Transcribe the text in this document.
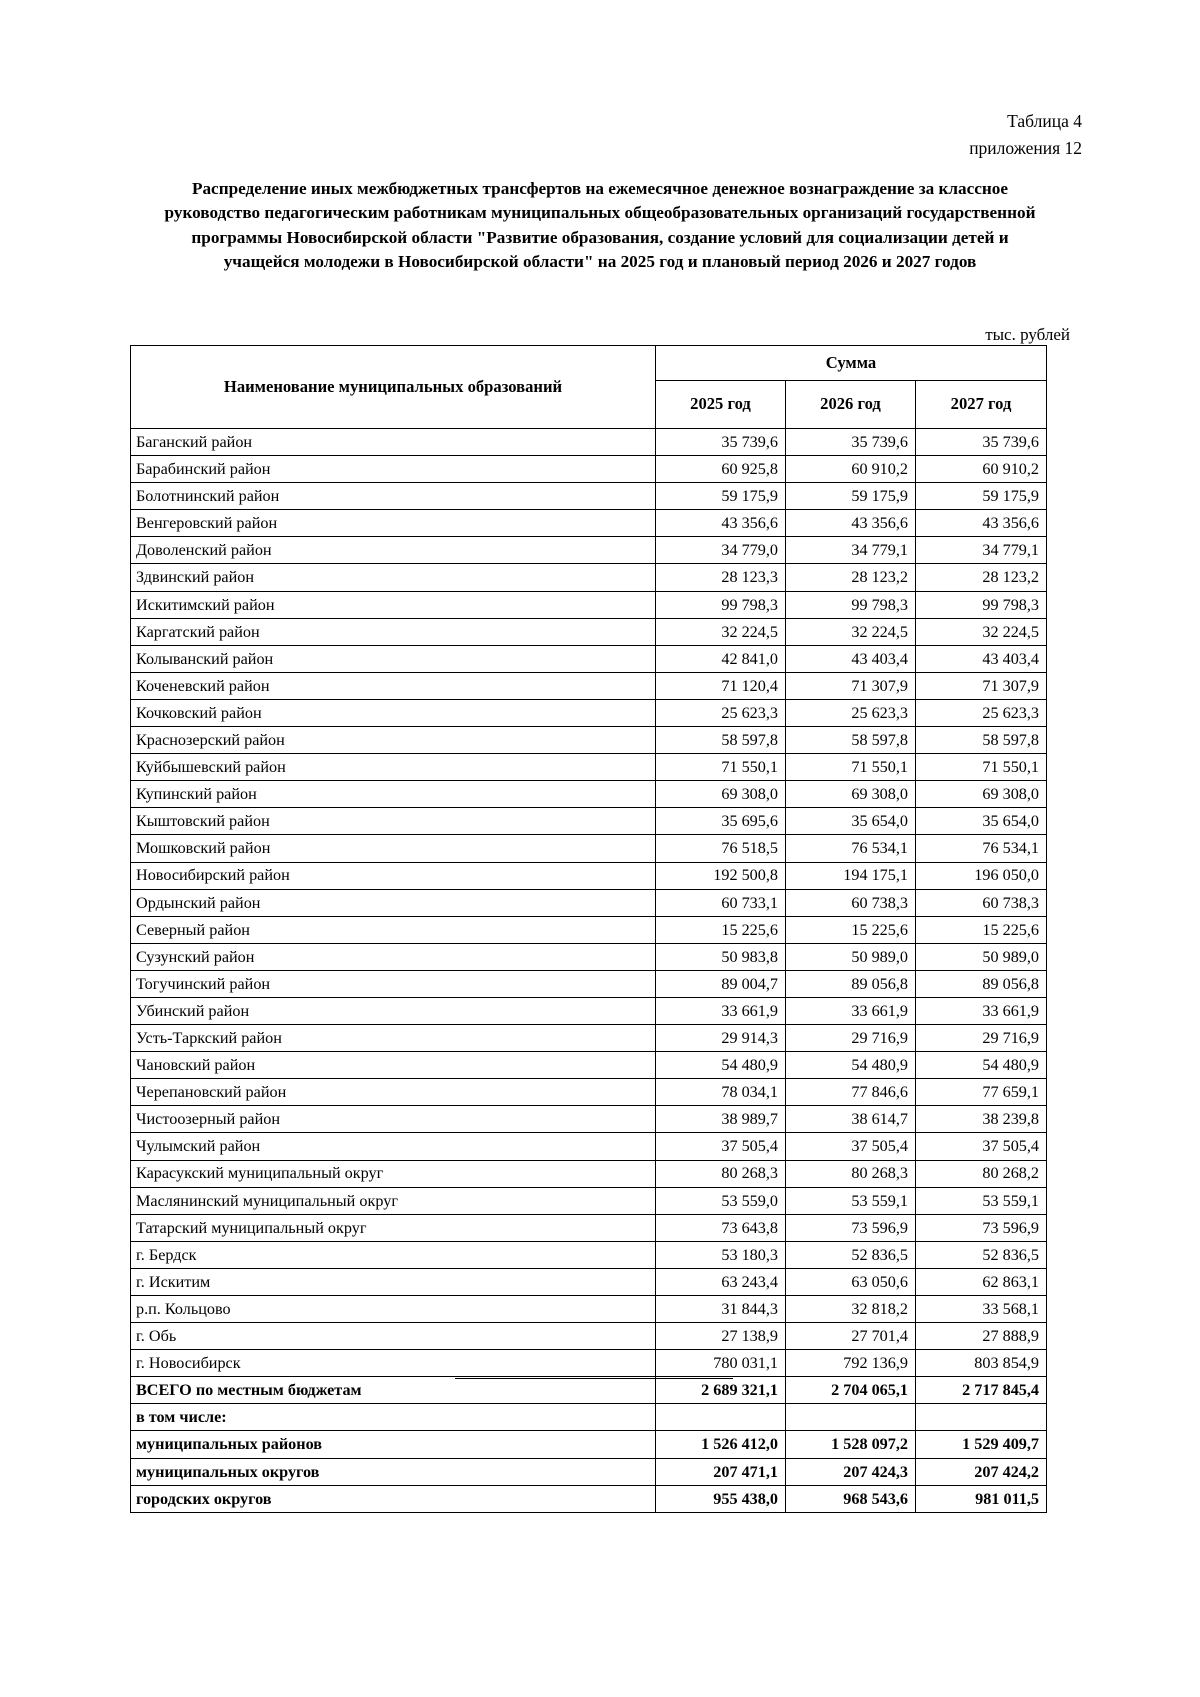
Таблица 4
приложения 12
Распределение иных межбюджетных трансфертов на ежемесячное денежное вознаграждение за классное
руководство педагогическим работникам муниципальных общеобразовательных организаций государственной
программы Новосибирской области "Развитие образования, создание условий для социализации детей и
учащейся молодежи в Новосибирской области" на 2025 год и плановый период 2026 и 2027 годов
тыс. рублей
Наименование муниципальных образований	Сумма		
	2025 год	2026 год	2027 год
Баганский район	35 739,6	35 739,6	35 739,6
Барабинский район	60 925,8	60 910,2	60 910,2
Болотнинский район	59 175,9	59 175,9	59 175,9
Венгеровский район	43 356,6	43 356,6	43 356,6
Доволенский район	34 779,0	34 779,1	34 779,1
Здвинский район	28 123,3	28 123,2	28 123,2
Искитимский район	99 798,3	99 798,3	99 798,3
Каргатский район	32 224,5	32 224,5	32 224,5
Колыванский район	42 841,0	43 403,4	43 403,4
Коченевский район	71 120,4	71 307,9	71 307,9
Кочковский район	25 623,3	25 623,3	25 623,3
Краснозерский район	58 597,8	58 597,8	58 597,8
Куйбышевский район	71 550,1	71 550,1	71 550,1
Купинский район	69 308,0	69 308,0	69 308,0
Кыштовский район	35 695,6	35 654,0	35 654,0
Мошковский район	76 518,5	76 534,1	76 534,1
Новосибирский район	192 500,8	194 175,1	196 050,0
Ордынский район	60 733,1	60 738,3	60 738,3
Северный район	15 225,6	15 225,6	15 225,6
Сузунский район	50 983,8	50 989,0	50 989,0
Тогучинский район	89 004,7	89 056,8	89 056,8
Убинский район	33 661,9	33 661,9	33 661,9
Усть-Таркский район	29 914,3	29 716,9	29 716,9
Чановский район	54 480,9	54 480,9	54 480,9
Черепановский район	78 034,1	77 846,6	77 659,1
Чистоозерный район	38 989,7	38 614,7	38 239,8
Чулымский район	37 505,4	37 505,4	37 505,4
Карасукский муниципальный округ	80 268,3	80 268,3	80 268,2
Маслянинский муниципальный округ	53 559,0	53 559,1	53 559,1
Татарский муниципальный округ	73 643,8	73 596,9	73 596,9
г. Бердск	53 180,3	52 836,5	52 836,5
г. Искитим	63 243,4	63 050,6	62 863,1
р.п. Кольцово	31 844,3	32 818,2	33 568,1
г. Обь	27 138,9	27 701,4	27 888,9
г. Новосибирск	780 031,1	792 136,9	803 854,9
ВСЕГО по местным бюджетам	2 689 321,1	2 704 065,1	2 717 845,4
в том числе:			
муниципальных районов	1 526 412,0	1 528 097,2	1 529 409,7
муниципальных округов	207 471,1	207 424,3	207 424,2
городских округов	955 438,0	968 543,6	981 011,5
